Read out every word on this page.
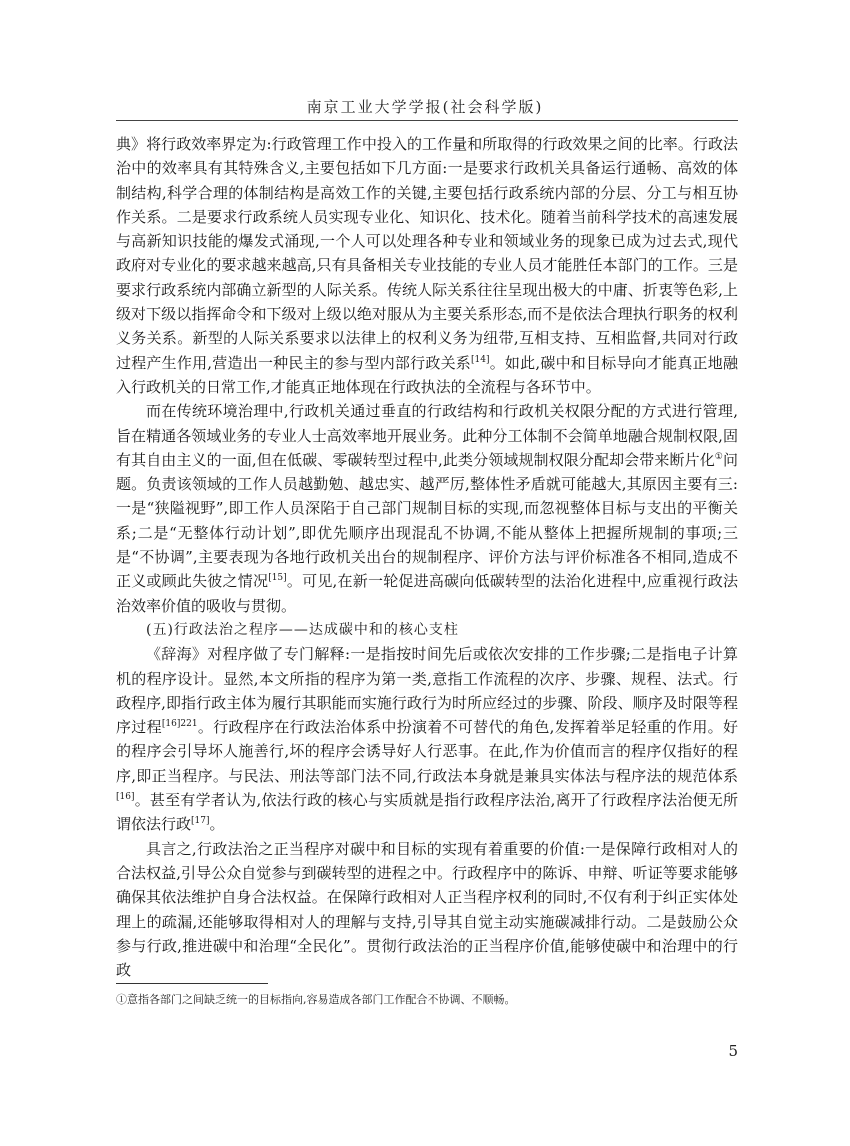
南京工业大学学报(社会科学版)

典》将行政效率界定为:行政管理工作中投入的工作量和所取得的行政效果之间的比率。行政法治中的效率具有其特殊含义,主要包括如下几方面:一是要求行政机关具备运行通畅、高效的体制结构,科学合理的体制结构是高效工作的关键,主要包括行政系统内部的分层、分工与相互协作关系。二是要求行政系统人员实现专业化、知识化、技术化。随着当前科学技术的高速发展与高新知识技能的爆发式涌现,一个人可以处理各种专业和领域业务的现象已成为过去式,现代政府对专业化的要求越来越高,只有具备相关专业技能的专业人员才能胜任本部门的工作。三是要求行政系统内部确立新型的人际关系。传统人际关系往往呈现出极大的中庸、折衷等色彩,上级对下级以指挥命令和下级对上级以绝对服从为主要关系形态,而不是依法合理执行职务的权利义务关系。新型的人际关系要求以法律上的权利义务为纽带,互相支持、互相监督,共同对行政过程产生作用,营造出一种民主的参与型内部行政关系[14]。如此,碳中和目标导向才能真正地融入行政机关的日常工作,才能真正地体现在行政执法的全流程与各环节中。

而在传统环境治理中,行政机关通过垂直的行政结构和行政机关权限分配的方式进行管理,旨在精通各领域业务的专业人士高效率地开展业务。此种分工体制不会简单地融合规制权限,固有其自由主义的一面,但在低碳、零碳转型过程中,此类分领域规制权限分配却会带来断片化①问题。负责该领域的工作人员越勤勉、越忠实、越严厉,整体性矛盾就可能越大,其原因主要有三:一是“狭隘视野”,即工作人员深陷于自己部门规制目标的实现,而忽视整体目标与支出的平衡关系;二是“无整体行动计划”,即优先顺序出现混乱不协调,不能从整体上把握所规制的事项;三是“不协调”,主要表现为各地行政机关出台的规制程序、评价方法与评价标准各不相同,造成不正义或顾此失彼之情况[15]。可见,在新一轮促进高碳向低碳转型的法治化进程中,应重视行政法治效率价值的吸收与贯彻。

(五)行政法治之程序——达成碳中和的核心支柱

《辞海》对程序做了专门解释:一是指按时间先后或依次安排的工作步骤;二是指电子计算机的程序设计。显然,本文所指的程序为第一类,意指工作流程的次序、步骤、规程、法式。行政程序,即指行政主体为履行其职能而实施行政行为时所应经过的步骤、阶段、顺序及时限等程序过程$^{[16]221}$。行政程序在行政法治体系中扮演着不可替代的角色,发挥着举足轻重的作用。好的程序会引导坏人施善行,坏的程序会诱导好人行恶事。在此,作为价值而言的程序仅指好的程序,即正当程序。与民法、刑法等部门法不同,行政法本身就是兼具实体法与程序法的规范体系[16]。甚至有学者认为,依法行政的核心与实质就是指行政程序法治,离开了行政程序法治便无所谓依法行政[17]。

具言之,行政法治之正当程序对碳中和目标的实现有着重要的价值:一是保障行政相对人的合法权益,引导公众自觉参与到碳转型的进程之中。行政程序中的陈诉、申辩、听证等要求能够确保其依法维护自身合法权益。在保障行政相对人正当程序权利的同时,不仅有利于纠正实体处理上的疏漏,还能够取得相对人的理解与支持,引导其自觉主动实施碳减排行动。二是鼓励公众参与行政,推进碳中和治理“全民化”。贯彻行政法治的正当程序价值,能够使碳中和治理中的行政

①意指各部门之间缺乏统一的目标指向,容易造成各部门工作配合不协调、不顺畅。
5
